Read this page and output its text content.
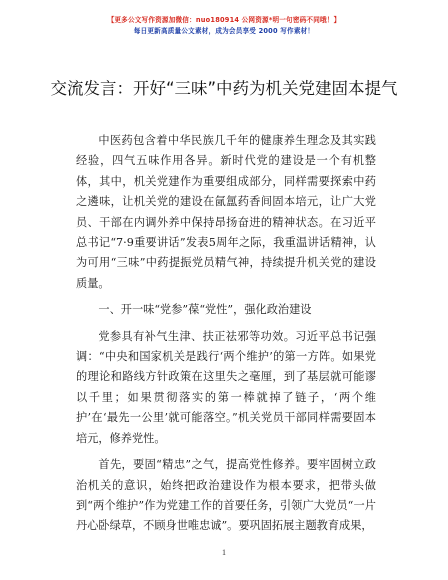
【更多公文写作资源加微信：nuo180914 公网资源*明一句密码不同哦！】
每日更新高质量公文素材，成为会员享受 2000 写作素材！
交流发言：开好“三味”中药为机关党建固本提气

中医药包含着中华民族几千年的健康养生理念及其实践经验，四气五味作用各异。新时代党的建设是一个有机整体，其中，机关党建作为重要组成部分，同样需要探索中药之遴味，让机关党的建设在氤氲药香间固本培元，让广大党员、干部在内调外养中保持昂扬奋进的精神状态。在习近平总书记“7·9重要讲话”发表5周年之际，我重温讲话精神，认为可用“三味”中药提振党员精气神，持续提升机关党的建设质量。

一、开一味“党参”葆“党性”，强化政治建设

党参具有补气生津、扶正祛邪等功效。习近平总书记强调：“中央和国家机关是践行‘两个维护’的第一方阵。如果党的理论和路线方针政策在这里失之毫厘，到了基层就可能谬以千里；如果贯彻落实的第一棒就掉了链子，‘两个维护’在‘最先一公里’就可能落空。”机关党员干部同样需要固本培元，修养党性。

首先，要固“精忠”之气，提高党性修养。要牢固树立政治机关的意识，始终把政治建设作为根本要求，把带头做到“两个维护”作为党建工作的首要任务，引领广大党员“一片丹心卧绿草，不顾身世唯忠诚”。要巩固拓展主题教育成果，

1
